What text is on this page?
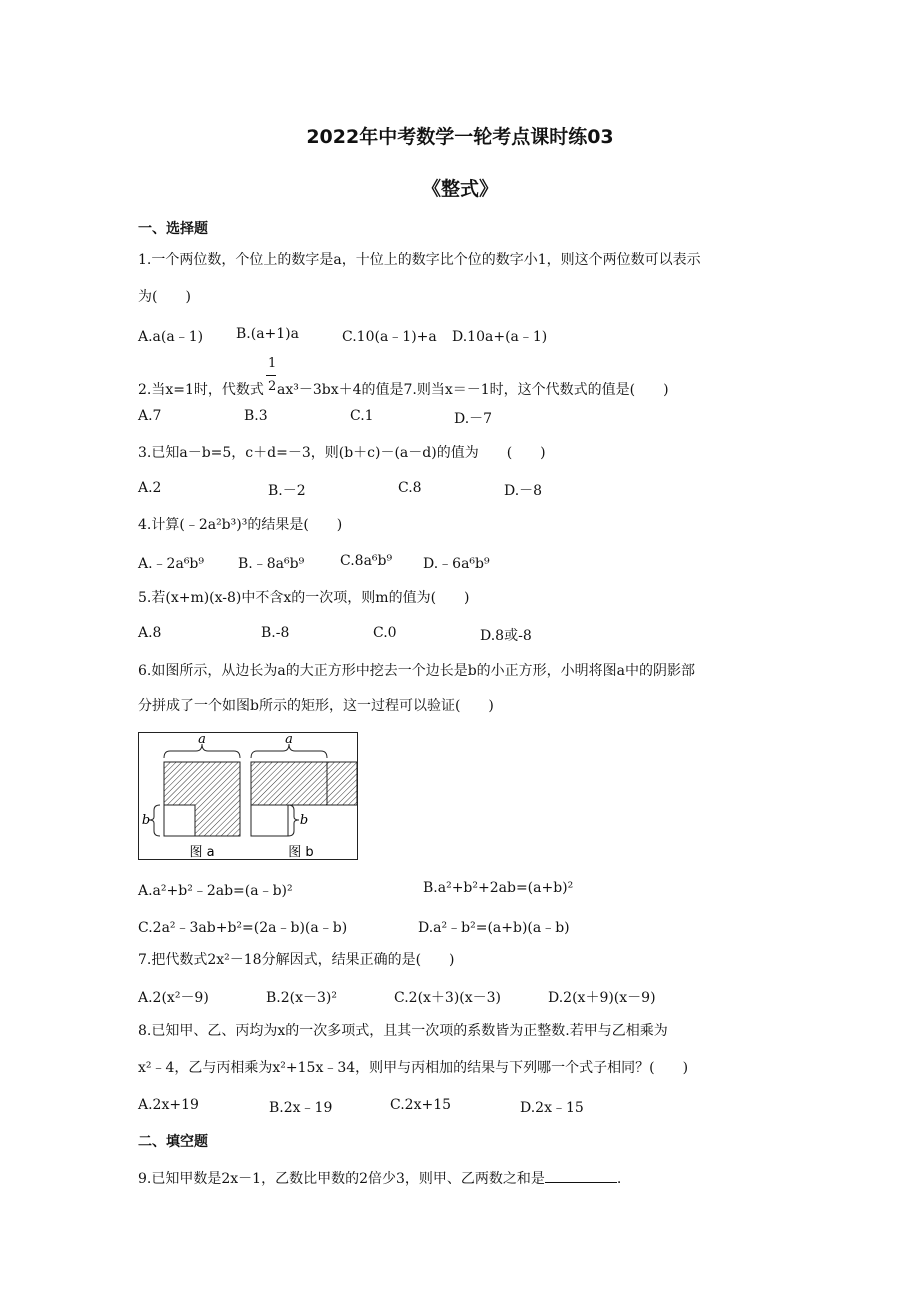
2022年中考数学一轮考点课时练03
《整式》
一、选择题
1.一个两位数，个位上的数字是a，十位上的数字比个位的数字小1，则这个两位数可以表示
为(　　)
A.a(a﹣1) B.(a+1)a	C.10(a﹣1)+a D.10a+(a﹣1)
1
2
2.当x=1时，代数式 ax³－3bx＋4的值是7.则当x＝－1时，这个代数式的值是(　　)
A.7	B.3	C.1	D.－7
3.已知a－b=5，c＋d=－3，则(b＋c)－(a－d)的值为　　(　　)
A.2	B.－2	C.8	D.－8
4.计算(﹣2a²b³)³的结果是(　　)
A.﹣2a⁶b⁹ B.﹣8a⁶b⁹	C.8a⁶b⁹ D.﹣6a⁶b⁹
5.若(x+m)(x-8)中不含x的一次项，则m的值为(　　)
A.8	B.-8	C.0	D.8或-8
6.如图所示，从边长为a的大正方形中挖去一个边长是b的小正方形，小明将图a中的阴影部
分拼成了一个如图b所示的矩形，这一过程可以验证(　　)
a
b
图 a
a
b
图 b
A.a²+b²﹣2ab=(a﹣b)²	B.a²+b²+2ab=(a+b)²
C.2a²﹣3ab+b²=(2a﹣b)(a﹣b)	D.a²﹣b²=(a+b)(a﹣b)
7.把代数式2x²－18分解因式，结果正确的是(　　)
A.2(x²－9)	B.2(x－3)²	C.2(x＋3)(x－3)	D.2(x＋9)(x－9)
8.已知甲、乙、丙均为x的一次多项式，且其一次项的系数皆为正整数.若甲与乙相乘为
x²﹣4，乙与丙相乘为x²+15x﹣34，则甲与丙相加的结果与下列哪一个式子相同？(　　)
A.2x+19	B.2x﹣19	C.2x+15	D.2x﹣15
二、填空题
9.已知甲数是2x－1，乙数比甲数的2倍少3，则甲、乙两数之和是	.
